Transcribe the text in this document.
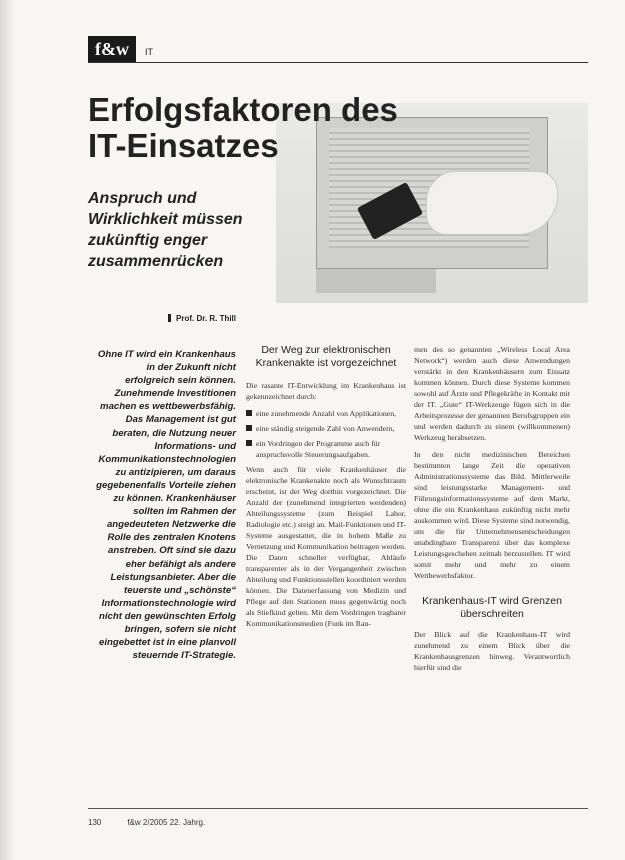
f&w	IT
Erfolgsfaktoren des
IT-Einsatzes
Anspruch und
Wirklichkeit müssen
zukünftig enger
zusammenrücken
Prof. Dr. R. Thill
Ohne IT wird ein Krankenhaus in der Zukunft nicht erfolgreich sein können. Zunehmende Investitionen machen es wettbewerbsfähig. Das Management ist gut beraten, die Nutzung neuer Informations- und Kommunikationstechnologien zu antizipieren, um daraus gegebenenfalls Vorteile ziehen zu können. Krankenhäuser sollten im Rahmen der angedeuteten Netzwerke die Rolle des zentralen Knotens anstreben. Oft sind sie dazu eher befähigt als andere Leistungsanbieter. Aber die teuerste und „schönste“ Informationstechnologie wird nicht den gewünschten Erfolg bringen, sofern sie nicht eingebettet ist in eine planvoll steuernde IT-Strategie.
Der Weg zur elektronischen Krankenakte ist vorgezeichnet

Die rasante IT-Entwicklung im Krankenhaus ist gekennzeichnet durch:

eine zunehmende Anzahl von Applikationen,
eine ständig steigende Zahl von Anwendern,
ein Vordringen der Programme auch für anspruchsvolle Steuerungsaufgaben.

Wenn auch für viele Krankenhäuser die elektronische Krankenakte noch als Wunschtraum erscheint, ist der Weg dorthin vorgezeichnet. Die Anzahl der (zunehmend integrierten werdenden) Abteilungssysteme (zum Beispiel Labor, Radiologie etc.) steigt an. Mail-Funktionen und IT-Systeme ausgestattet, die in hohem Maße zu Vernetzung und Kommunikation beitragen werden. Die Daten schneller verfügbar, Abläufe transparenter als in der Vergangenheit zwischen Abteilung und Funktionsstellen koordiniert werden können. Die Datenerfassung von Medizin und Pflege auf den Stationen muss gegenwärtig noch als Stiefkind gelten. Mit dem Vordringen tragbarer Kommunikationsmedien (Funk im Ran-

men des so genannten „Wireless Local Area Network“) werden auch diese Anwendungen verstärkt in den Krankenhäusern zum Einsatz kommen können. Durch diese Systeme kommen sowohl auf Ärzte und Pflegekräfte in Kontakt mit der IT. „Gute“ IT-Werkzeuge fügen sich in die Arbeitsprozesse der genannten Berufsgruppen ein und werden dadurch zu einem (willkommenen) Werkzeug herabsetzen.

In den nicht medizinischen Bereichen bestimmten lange Zeit die operativen Administrationssysteme das Bild. Mittlerweile sind leistungsstarke Management- und Führungsinformationssysteme auf dem Markt, ohne die ein Krankenhaus zukünftig nicht mehr auskommen wird. Diese Systeme sind notwendig, um die für Unternehmensentscheidungen unabdingbare Transparenz über das komplexe Leistungsgeschehen zeitnah herzustellen. IT wird somit mehr und mehr zu einem Wettbewerbsfaktor.

Krankenhaus-IT wird Grenzen überschreiten

Der Blick auf die Krankenhaus-IT wird zunehmend zu einem Blick über die Krankenhausgrenzen hinweg. Verantwortlich hierfür sind die

130	f&w 2/2005 22. Jahrg.
